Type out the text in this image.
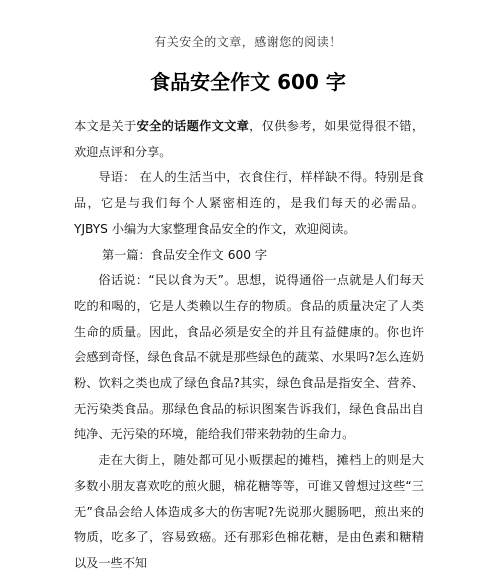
有关安全的文章，感谢您的阅读！
食品安全作文 600 字

本文是关于安全的话题作文文章，仅供参考，如果觉得很不错，欢迎点评和分享。

导语： 在人的生活当中，衣食住行，样样缺不得。特别是食品，它是与我们每个人紧密相连的，是我们每天的必需品。YJBYS 小编为大家整理食品安全的作文，欢迎阅读。

第一篇：食品安全作文 600 字

俗话说：“民以食为天”。思想，说得通俗一点就是人们每天吃的和喝的，它是人类赖以生存的物质。食品的质量决定了人类生命的质量。因此，食品必须是安全的并且有益健康的。你也许会感到奇怪，绿色食品不就是那些绿色的蔬菜、水果吗?怎么连奶粉、饮料之类也成了绿色食品?其实，绿色食品是指安全、营养、无污染类食品。那绿色食品的标识图案告诉我们，绿色食品出自纯净、无污染的环境，能给我们带来勃勃的生命力。

走在大街上，随处都可见小贩摆起的摊档，摊档上的则是大多数小朋友喜欢吃的煎火腿，棉花糖等等，可谁又曾想过这些“三无”食品会给人体造成多大的伤害呢?先说那火腿肠吧，煎出来的物质，吃多了，容易致癌。还有那彩色棉花糖，是由色素和糖精以及一些不知
